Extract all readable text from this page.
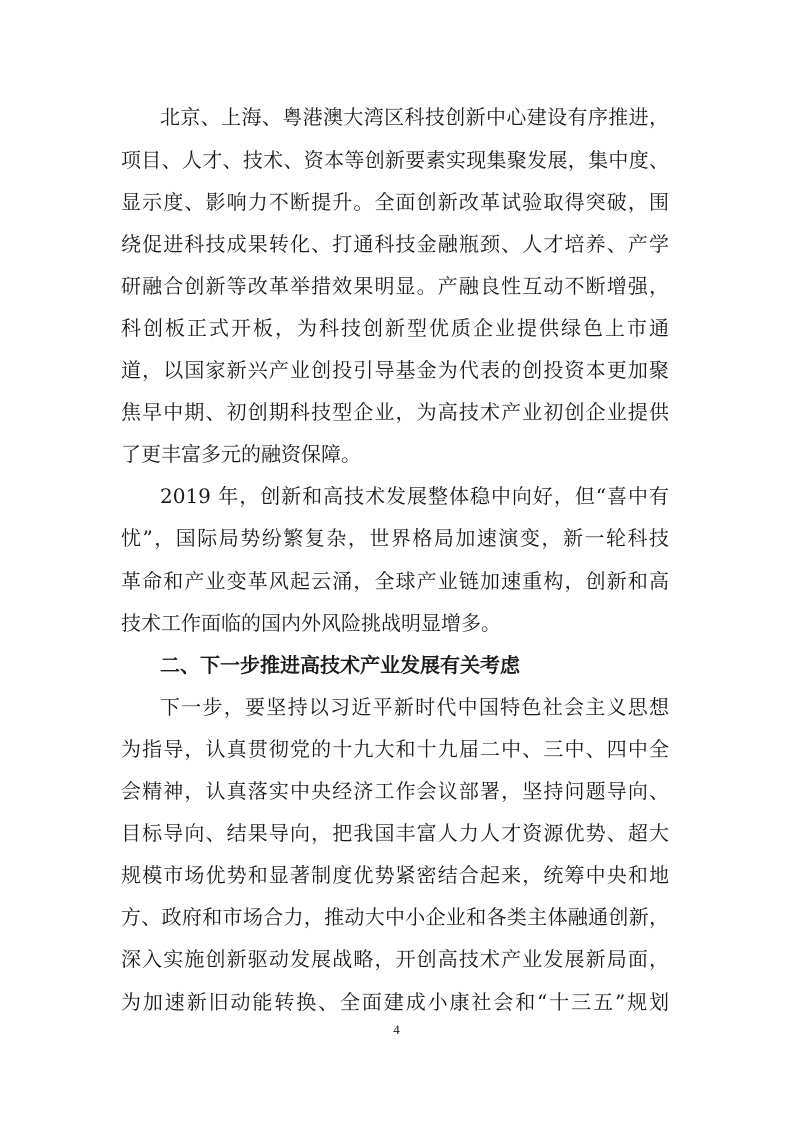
北京、上海、粤港澳大湾区科技创新中心建设有序推进，
项目、人才、技术、资本等创新要素实现集聚发展，集中度、
显示度、影响力不断提升。全面创新改革试验取得突破，围
绕促进科技成果转化、打通科技金融瓶颈、人才培养、产学
研融合创新等改革举措效果明显。产融良性互动不断增强，
科创板正式开板，为科技创新型优质企业提供绿色上市通
道，以国家新兴产业创投引导基金为代表的创投资本更加聚
焦早中期、初创期科技型企业，为高技术产业初创企业提供
了更丰富多元的融资保障。
2019 年，创新和高技术发展整体稳中向好，但“喜中有
忧”，国际局势纷繁复杂，世界格局加速演变，新一轮科技
革命和产业变革风起云涌，全球产业链加速重构，创新和高
技术工作面临的国内外风险挑战明显增多。
二、下一步推进高技术产业发展有关考虑
下一步，要坚持以习近平新时代中国特色社会主义思想
为指导，认真贯彻党的十九大和十九届二中、三中、四中全
会精神，认真落实中央经济工作会议部署，坚持问题导向、
目标导向、结果导向，把我国丰富人力人才资源优势、超大
规模市场优势和显著制度优势紧密结合起来，统筹中央和地
方、政府和市场合力，推动大中小企业和各类主体融通创新，
深入实施创新驱动发展战略，开创高技术产业发展新局面，
为加速新旧动能转换、全面建成小康社会和“十三五”规划
4
